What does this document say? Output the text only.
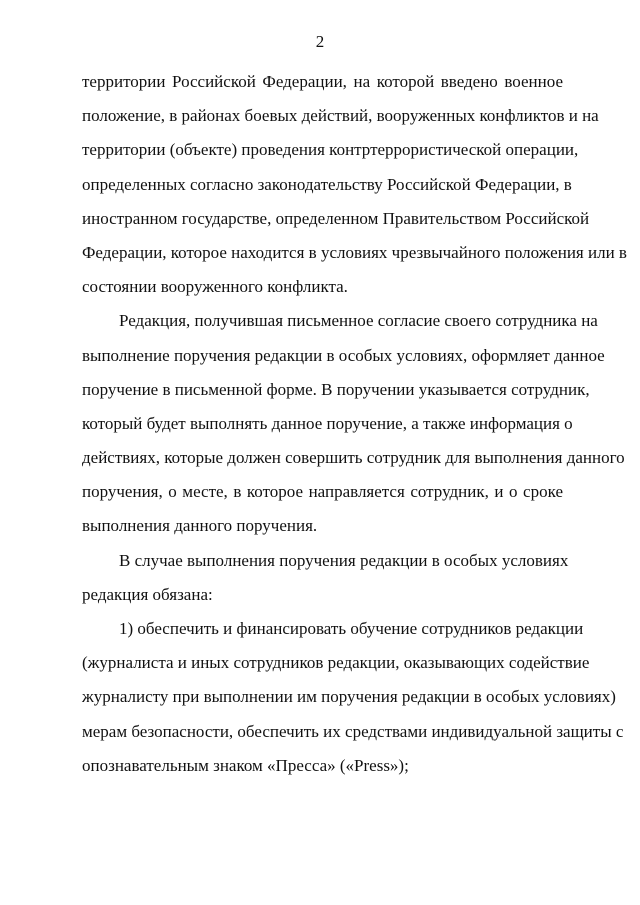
2
территории Российской Федерации, на которой введено военное
положение, в районах боевых действий, вооруженных конфликтов и на
территории (объекте) проведения контртеррористической операции,
определенных согласно законодательству Российской Федерации, в
иностранном государстве, определенном Правительством Российской
Федерации, которое находится в условиях чрезвычайного положения или в
состоянии вооруженного конфликта.
Редакция, получившая письменное согласие своего сотрудника на
выполнение поручения редакции в особых условиях, оформляет данное
поручение в письменной форме. В поручении указывается сотрудник,
который будет выполнять данное поручение, а также информация о
действиях, которые должен совершить сотрудник для выполнения данного
поручения, о месте, в которое направляется сотрудник, и о сроке
выполнения данного поручения.
В случае выполнения поручения редакции в особых условиях
редакция обязана:
1) обеспечить и финансировать обучение сотрудников редакции
(журналиста и иных сотрудников редакции, оказывающих содействие
журналисту при выполнении им поручения редакции в особых условиях)
мерам безопасности, обеспечить их средствами индивидуальной защиты с
опознавательным знаком «Пресса» («Press»);
